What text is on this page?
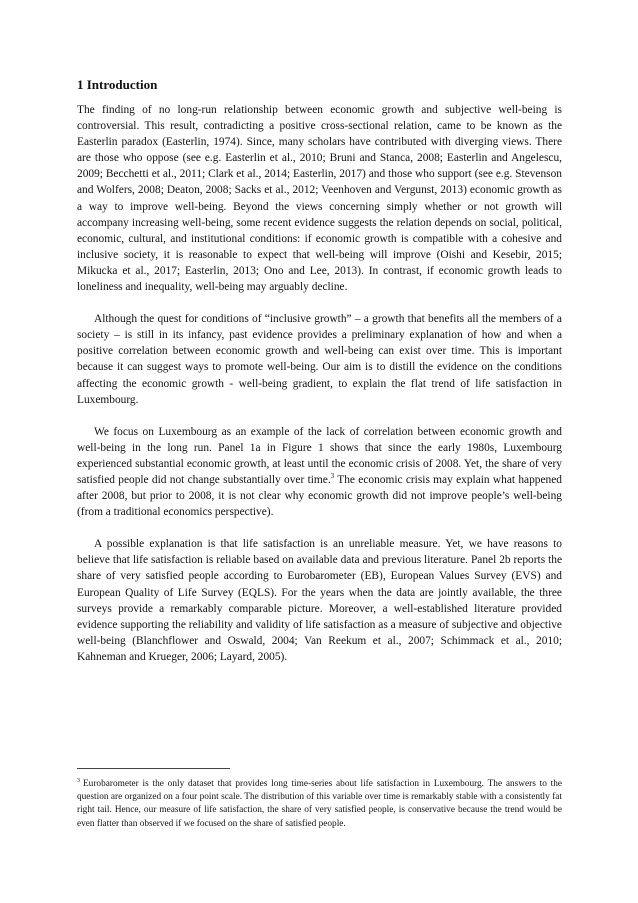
1 Introduction

The finding of no long-run relationship between economic growth and subjective well-being is controversial. This result, contradicting a positive cross-sectional relation, came to be known as the Easterlin paradox (Easterlin, 1974). Since, many scholars have contributed with diverging views. There are those who oppose (see e.g. Easterlin et al., 2010; Bruni and Stanca, 2008; Easterlin and Angelescu, 2009; Becchetti et al., 2011; Clark et al., 2014; Easterlin, 2017) and those who support (see e.g. Stevenson and Wolfers, 2008; Deaton, 2008; Sacks et al., 2012; Veenhoven and Vergunst, 2013) economic growth as a way to improve well-being. Beyond the views concerning simply whether or not growth will accompany increasing well-being, some recent evidence suggests the relation depends on social, political, economic, cultural, and institutional conditions: if economic growth is compatible with a cohesive and inclusive society, it is reasonable to expect that well-being will improve (Oishi and Kesebir, 2015; Mikucka et al., 2017; Easterlin, 2013; Ono and Lee, 2013). In contrast, if economic growth leads to loneliness and inequality, well-being may arguably decline.

Although the quest for conditions of “inclusive growth” – a growth that benefits all the members of a society – is still in its infancy, past evidence provides a preliminary explanation of how and when a positive correlation between economic growth and well-being can exist over time. This is important because it can suggest ways to promote well-being. Our aim is to distill the evidence on the conditions affecting the economic growth - well-being gradient, to explain the flat trend of life satisfaction in Luxembourg.

We focus on Luxembourg as an example of the lack of correlation between economic growth and well-being in the long run. Panel 1a in Figure 1 shows that since the early 1980s, Luxembourg experienced substantial economic growth, at least until the economic crisis of 2008. Yet, the share of very satisfied people did not change substantially over time.$^3$ The economic crisis may explain what happened after 2008, but prior to 2008, it is not clear why economic growth did not improve people’s well-being (from a traditional economics perspective).

A possible explanation is that life satisfaction is an unreliable measure. Yet, we have reasons to believe that life satisfaction is reliable based on available data and previous literature. Panel 2b reports the share of very satisfied people according to Eurobarometer (EB), European Values Survey (EVS) and European Quality of Life Survey (EQLS). For the years when the data are jointly available, the three surveys provide a remarkably comparable picture. Moreover, a well-established literature provided evidence supporting the reliability and validity of life satisfaction as a measure of subjective and objective well-being (Blanchflower and Oswald, 2004; Van Reekum et al., 2007; Schimmack et al., 2010; Kahneman and Krueger, 2006; Layard, 2005).

$^3$ Eurobarometer is the only dataset that provides long time-series about life satisfaction in Luxembourg. The answers to the question are organized on a four point scale. The distribution of this variable over time is remarkably stable with a consistently fat right tail. Hence, our measure of life satisfaction, the share of very satisfied people, is conservative because the trend would be even flatter than observed if we focused on the share of satisfied people.
